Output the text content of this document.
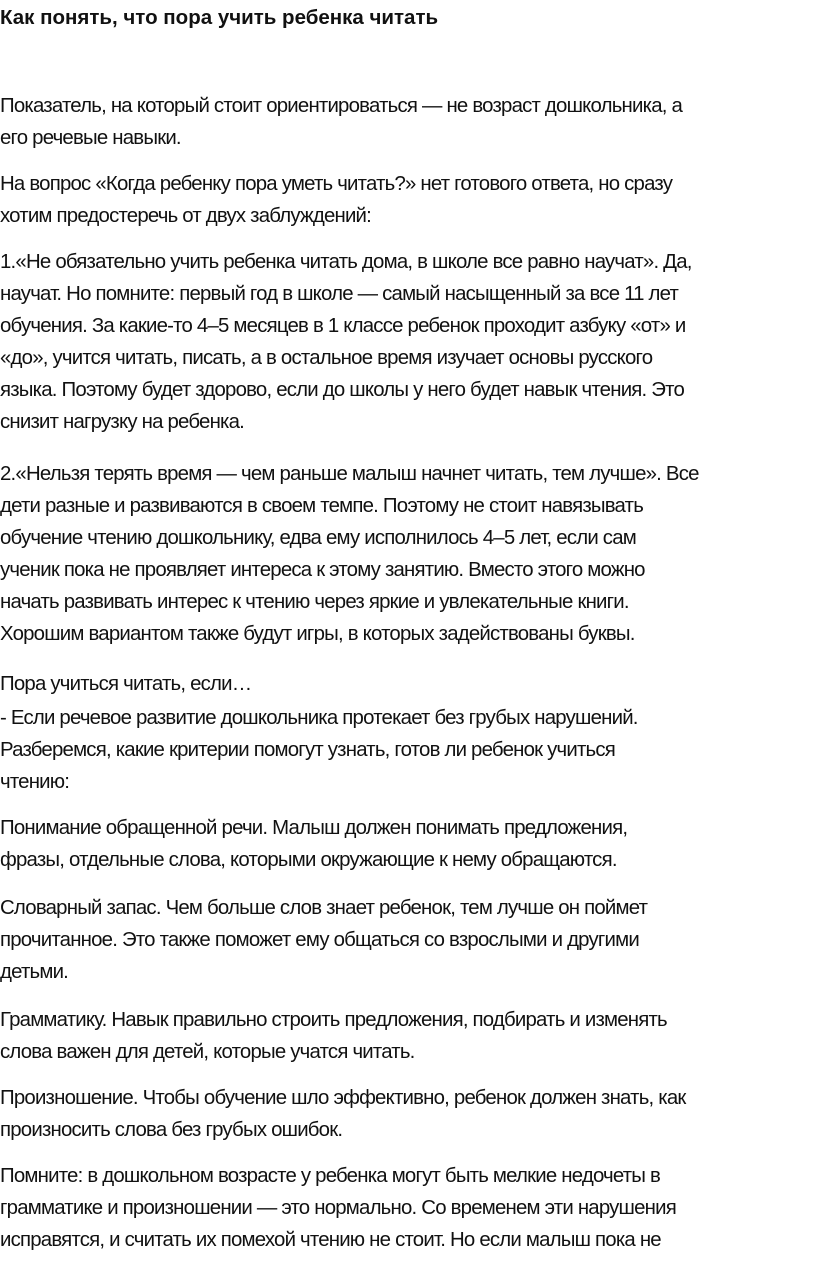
Как понять, что пора учить ребенка читать

Показатель, на который стоит ориентироваться — не возраст дошкольника, а
его речевые навыки.

На вопрос «Когда ребенку пора уметь читать?» нет готового ответа, но сразу
хотим предостеречь от двух заблуждений:

1.«Не обязательно учить ребенка читать дома, в школе все равно научат». Да,
научат. Но помните: первый год в школе — самый насыщенный за все 11 лет
обучения. За какие-то 4–5 месяцев в 1 классе ребенок проходит азбуку «от» и
«до», учится читать, писать, а в остальное время изучает основы русского
языка. Поэтому будет здорово, если до школы у него будет навык чтения. Это
снизит нагрузку на ребенка.

2.«Нельзя терять время — чем раньше малыш начнет читать, тем лучше». Все
дети разные и развиваются в своем темпе. Поэтому не стоит навязывать
обучение чтению дошкольнику, едва ему исполнилось 4–5 лет, если сам
ученик пока не проявляет интереса к этому занятию. Вместо этого можно
начать развивать интерес к чтению через яркие и увлекательные книги.
Хорошим вариантом также будут игры, в которых задействованы буквы.

Пора учиться читать, если…

- Если речевое развитие дошкольника протекает без грубых нарушений.
Разберемся, какие критерии помогут узнать, готов ли ребенок учиться
чтению:

Понимание обращенной речи. Малыш должен понимать предложения,
фразы, отдельные слова, которыми окружающие к нему обращаются.

Словарный запас. Чем больше слов знает ребенок, тем лучше он поймет
прочитанное. Это также поможет ему общаться со взрослыми и другими
детьми.

Грамматику. Навык правильно строить предложения, подбирать и изменять
слова важен для детей, которые учатся читать.

Произношение. Чтобы обучение шло эффективно, ребенок должен знать, как
произносить слова без грубых ошибок.

Помните: в дошкольном возрасте у ребенка могут быть мелкие недочеты в
грамматике и произношении — это нормально. Со временем эти нарушения
исправятся, и считать их помехой чтению не стоит. Но если малыш пока не
